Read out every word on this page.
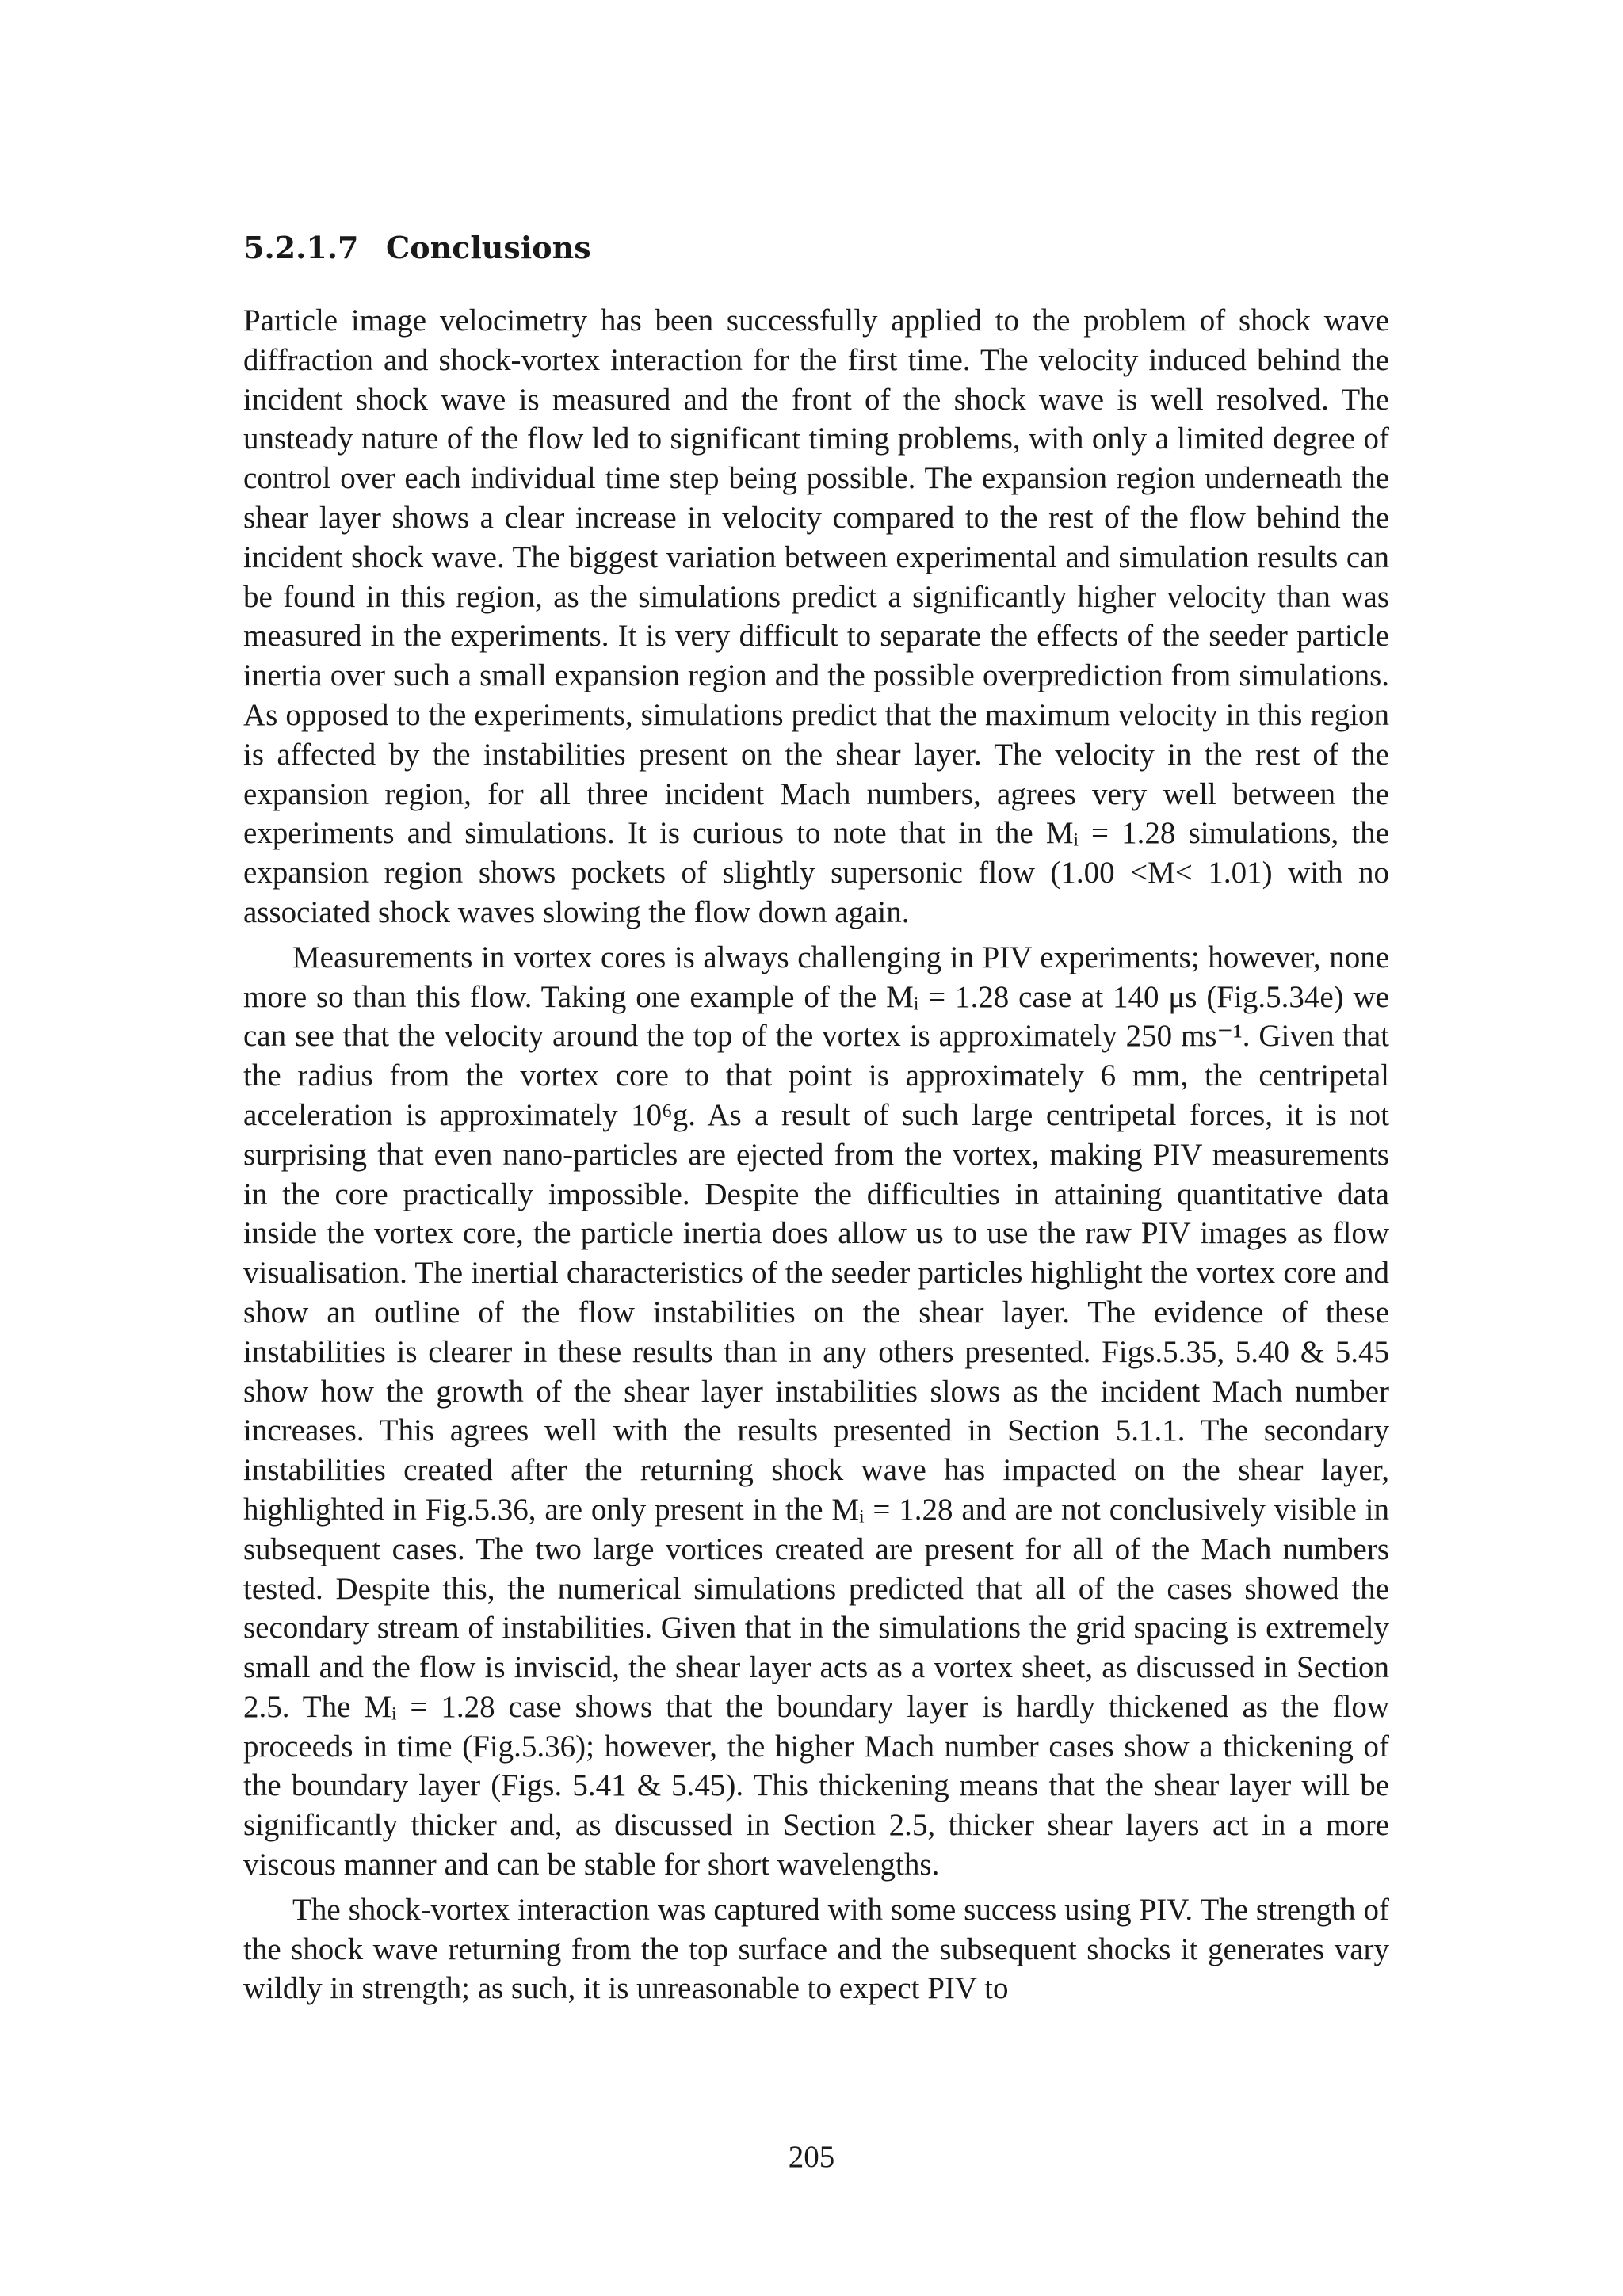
5.2.1.7 Conclusions

Particle image velocimetry has been successfully applied to the problem of shock wave diffraction and shock-vortex interaction for the first time. The velocity induced behind the incident shock wave is measured and the front of the shock wave is well resolved. The unsteady nature of the flow led to significant timing problems, with only a limited degree of control over each individual time step being possible. The expansion region underneath the shear layer shows a clear increase in velocity compared to the rest of the flow behind the incident shock wave. The biggest variation between experimental and simulation results can be found in this region, as the simulations predict a significantly higher velocity than was measured in the experiments. It is very difficult to separate the effects of the seeder particle inertia over such a small expansion region and the possible overprediction from simulations. As opposed to the experiments, simulations predict that the maximum velocity in this region is affected by the instabilities present on the shear layer. The velocity in the rest of the expansion region, for all three incident Mach numbers, agrees very well between the experiments and simulations. It is curious to note that in the Mᵢ = 1.28 simulations, the expansion region shows pockets of slightly supersonic flow (1.00 <M< 1.01) with no associated shock waves slowing the flow down again.

Measurements in vortex cores is always challenging in PIV experiments; however, none more so than this flow. Taking one example of the Mᵢ = 1.28 case at 140 μs (Fig.5.34e) we can see that the velocity around the top of the vortex is approximately 250 ms⁻¹. Given that the radius from the vortex core to that point is approximately 6 mm, the centripetal acceleration is approximately 10⁶g. As a result of such large centripetal forces, it is not surprising that even nano-particles are ejected from the vortex, making PIV measurements in the core practically impossible. Despite the difficulties in attaining quantitative data inside the vortex core, the particle inertia does allow us to use the raw PIV images as flow visualisation. The inertial characteristics of the seeder particles highlight the vortex core and show an outline of the flow instabilities on the shear layer. The evidence of these instabilities is clearer in these results than in any others presented. Figs.5.35, 5.40 & 5.45 show how the growth of the shear layer instabilities slows as the incident Mach number increases. This agrees well with the results presented in Section 5.1.1. The secondary instabilities created after the returning shock wave has impacted on the shear layer, highlighted in Fig.5.36, are only present in the Mᵢ = 1.28 and are not conclusively visible in subsequent cases. The two large vortices created are present for all of the Mach numbers tested. Despite this, the numerical simulations predicted that all of the cases showed the secondary stream of instabilities. Given that in the simulations the grid spacing is extremely small and the flow is inviscid, the shear layer acts as a vortex sheet, as discussed in Section 2.5. The Mᵢ = 1.28 case shows that the boundary layer is hardly thickened as the flow proceeds in time (Fig.5.36); however, the higher Mach number cases show a thickening of the boundary layer (Figs. 5.41 & 5.45). This thickening means that the shear layer will be significantly thicker and, as discussed in Section 2.5, thicker shear layers act in a more viscous manner and can be stable for short wavelengths.

The shock-vortex interaction was captured with some success using PIV. The strength of the shock wave returning from the top surface and the subsequent shocks it generates vary wildly in strength; as such, it is unreasonable to expect PIV to

205
